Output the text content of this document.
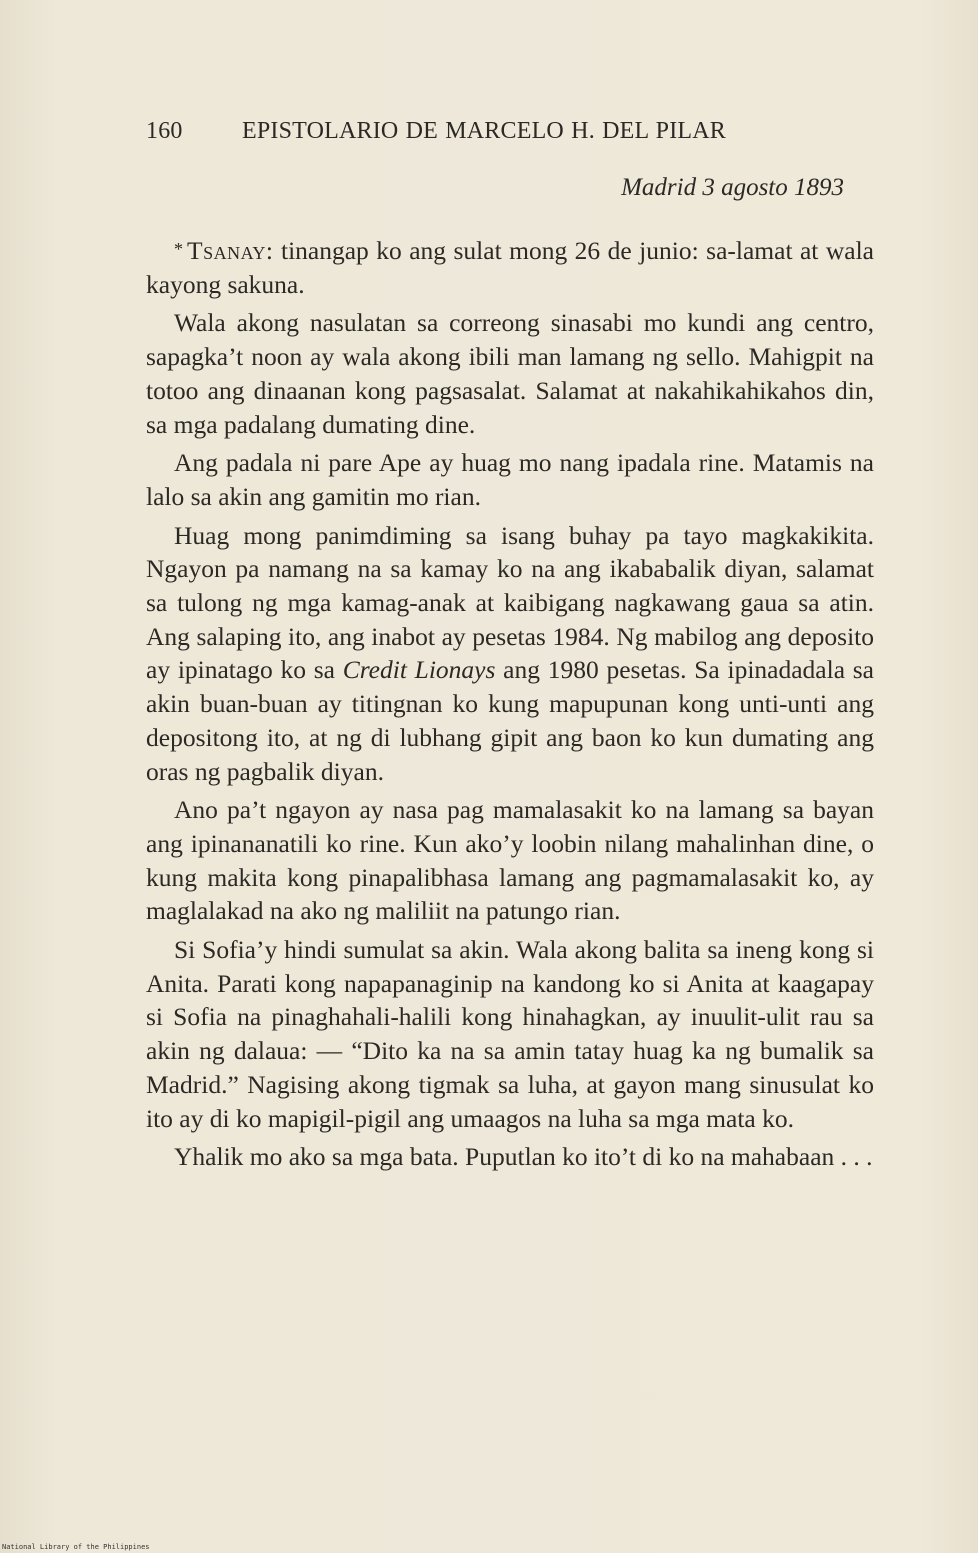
160 EPISTOLARIO DE MARCELO H. DEL PILAR
Madrid 3 agosto 1893

* Tsanay: tinangap ko ang sulat mong 26 de junio: sa-lamat at wala kayong sakuna.

Wala akong nasulatan sa correong sinasabi mo kundi ang centro, sapagka’t noon ay wala akong ibili man lamang ng sello. Mahigpit na totoo ang dinaanan kong pagsasalat. Salamat at nakahikahikahos din, sa mga padalang dumating dine.

Ang padala ni pare Ape ay huag mo nang ipadala rine. Matamis na lalo sa akin ang gamitin mo rian.

Huag mong panimdiming sa isang buhay pa tayo magkakikita. Ngayon pa namang na sa kamay ko na ang ikababalik diyan, salamat sa tulong ng mga kamag-anak at kaibigang nagkawang gaua sa atin. Ang salaping ito, ang inabot ay pesetas 1984. Ng mabilog ang deposito ay ipinatago ko sa Credit Lionays ang 1980 pesetas. Sa ipinadadala sa akin buan-buan ay titingnan ko kung mapupunan kong unti-unti ang depositong ito, at ng di lubhang gipit ang baon ko kun dumating ang oras ng pagbalik diyan.

Ano pa’t ngayon ay nasa pag mamalasakit ko na lamang sa bayan ang ipinananatili ko rine. Kun ako’y loobin nilang mahalinhan dine, o kung makita kong pinapalibhasa lamang ang pagmamalasakit ko, ay maglalakad na ako ng maliliit na patungo rian.

Si Sofia’y hindi sumulat sa akin. Wala akong balita sa ineng kong si Anita. Parati kong napapanaginip na kandong ko si Anita at kaagapay si Sofia na pinaghahali-halili kong hinahagkan, ay inuulit-ulit rau sa akin ng dalaua: — “Dito ka na sa amin tatay huag ka ng bumalik sa Madrid.” Nagising akong tigmak sa luha, at gayon mang sinusulat ko ito ay di ko mapigil-pigil ang umaagos na luha sa mga mata ko.

Yhalik mo ako sa mga bata. Puputlan ko ito’t di ko na mahabaan . . .

National Library of the Philippines
